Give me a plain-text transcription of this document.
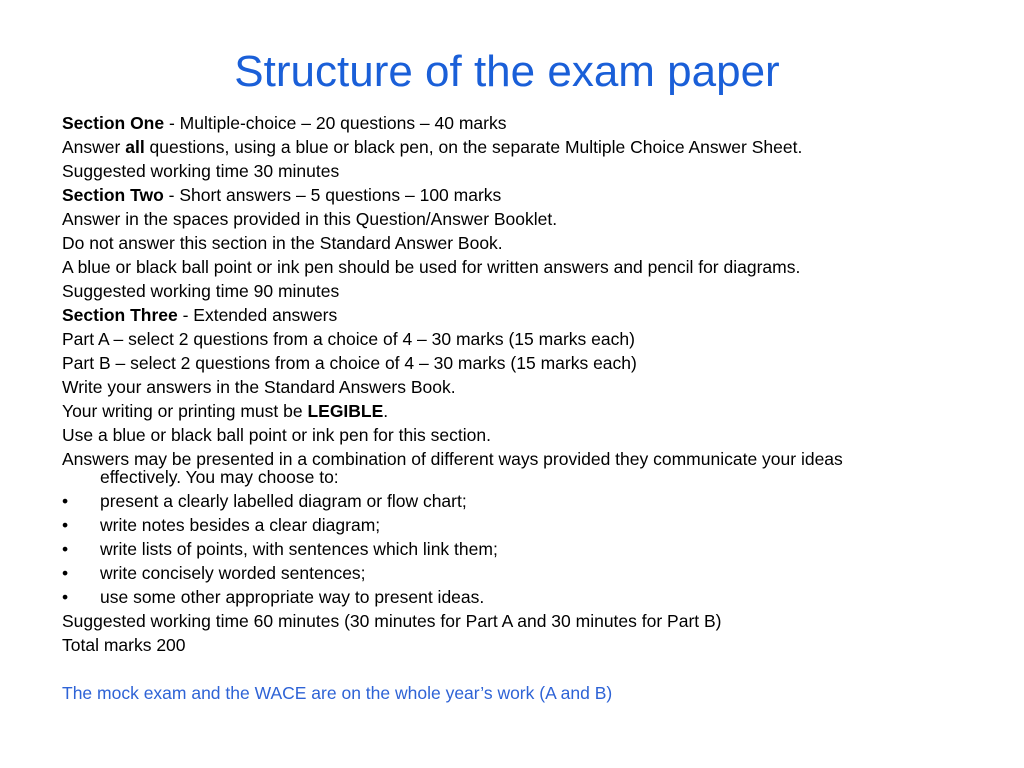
Structure of the exam paper
Section One - Multiple-choice – 20 questions – 40 marks
Answer all questions, using a blue or black pen, on the separate Multiple Choice Answer Sheet.
Suggested working time 30 minutes
Section Two - Short answers – 5 questions – 100 marks
Answer in the spaces provided in this Question/Answer Booklet.
Do not answer this section in the Standard Answer Book.
A blue or black ball point or ink pen should be used for written answers and pencil for diagrams.
Suggested working time 90 minutes
Section Three - Extended answers
Part A – select 2 questions from a choice of 4 – 30 marks (15 marks each)
Part B – select 2 questions from a choice of 4 – 30 marks (15 marks each)
Write your answers in the Standard Answers Book.
Your writing or printing must be LEGIBLE.
Use a blue or black ball point or ink pen for this section.
Answers may be presented in a combination of different ways provided they communicate your ideas
effectively. You may choose to:
•	present a clearly labelled diagram or flow chart;
•	write notes besides a clear diagram;
•	write lists of points, with sentences which link them;
•	write concisely worded sentences;
•	use some other appropriate way to present ideas.
Suggested working time 60 minutes (30 minutes for Part A and 30 minutes for Part B)
Total marks 200
The mock exam and the WACE are on the whole year’s work (A and B)
